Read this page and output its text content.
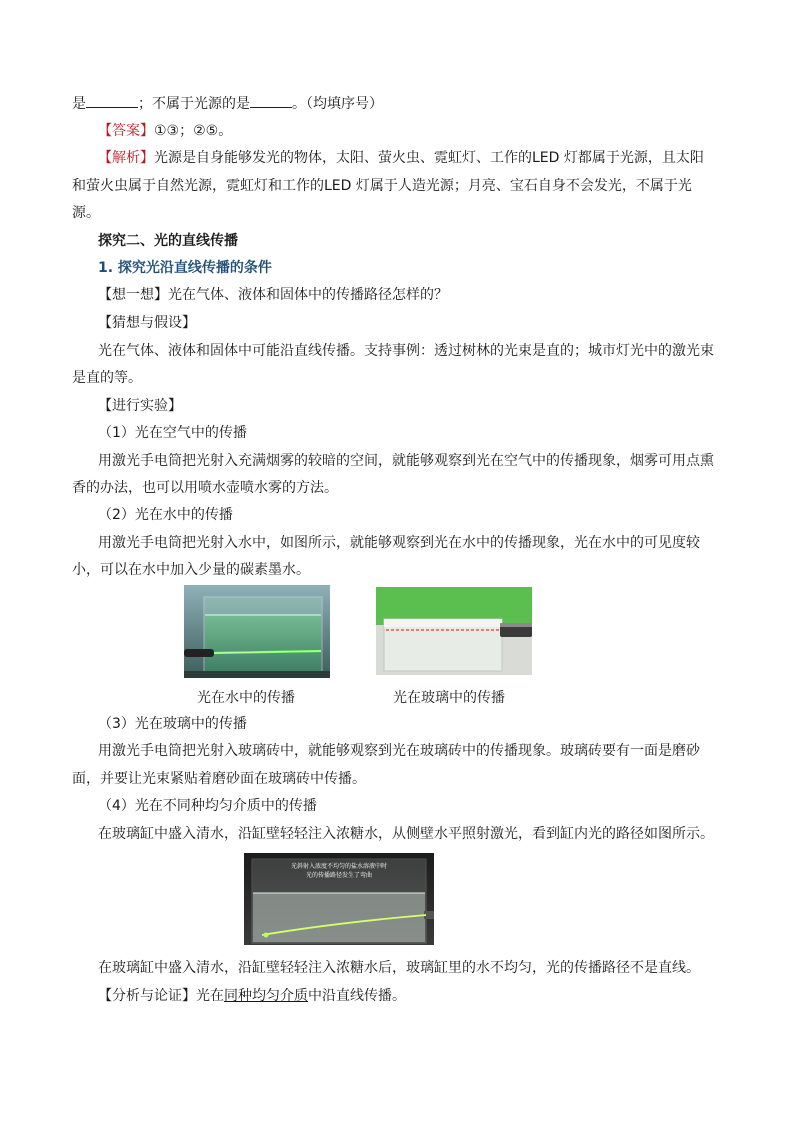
是	；不属于光源的是	。（均填序号）
【答案】①③；②⑤。
【解析】光源是自身能够发光的物体，太阳、萤火虫、霓虹灯、工作的LED 灯都属于光源，且太阳
和萤火虫属于自然光源，霓虹灯和工作的LED 灯属于人造光源；月亮、宝石自身不会发光，不属于光
源。
探究二、光的直线传播
1. 探究光沿直线传播的条件
【想一想】光在气体、液体和固体中的传播路径怎样的？
【猜想与假设】
光在气体、液体和固体中可能沿直线传播。支持事例：透过树林的光束是直的；城市灯光中的激光束
是直的等。
【进行实验】
（1）光在空气中的传播
用激光手电筒把光射入充满烟雾的较暗的空间，就能够观察到光在空气中的传播现象，烟雾可用点熏
香的办法，也可以用喷水壶喷水雾的方法。
（2）光在水中的传播
用激光手电筒把光射入水中，如图所示，就能够观察到光在水中的传播现象，光在水中的可见度较
小，可以在水中加入少量的碳素墨水。
光在水中的传播	光在玻璃中的传播
（3）光在玻璃中的传播
用激光手电筒把光射入玻璃砖中，就能够观察到光在玻璃砖中的传播现象。玻璃砖要有一面是磨砂
面，并要让光束紧贴着磨砂面在玻璃砖中传播。
（4）光在不同种均匀介质中的传播
在玻璃缸中盛入清水，沿缸壁轻轻注入浓糖水，从侧壁水平照射激光，看到缸内光的路径如图所示。
光斜射入浓度不均匀的盐水溶液中时
光的传播路径发生了弯曲
在玻璃缸中盛入清水，沿缸壁轻轻注入浓糖水后，玻璃缸里的水不均匀，光的传播路径不是直线。
【分析与论证】光在同种均匀介质中沿直线传播。
